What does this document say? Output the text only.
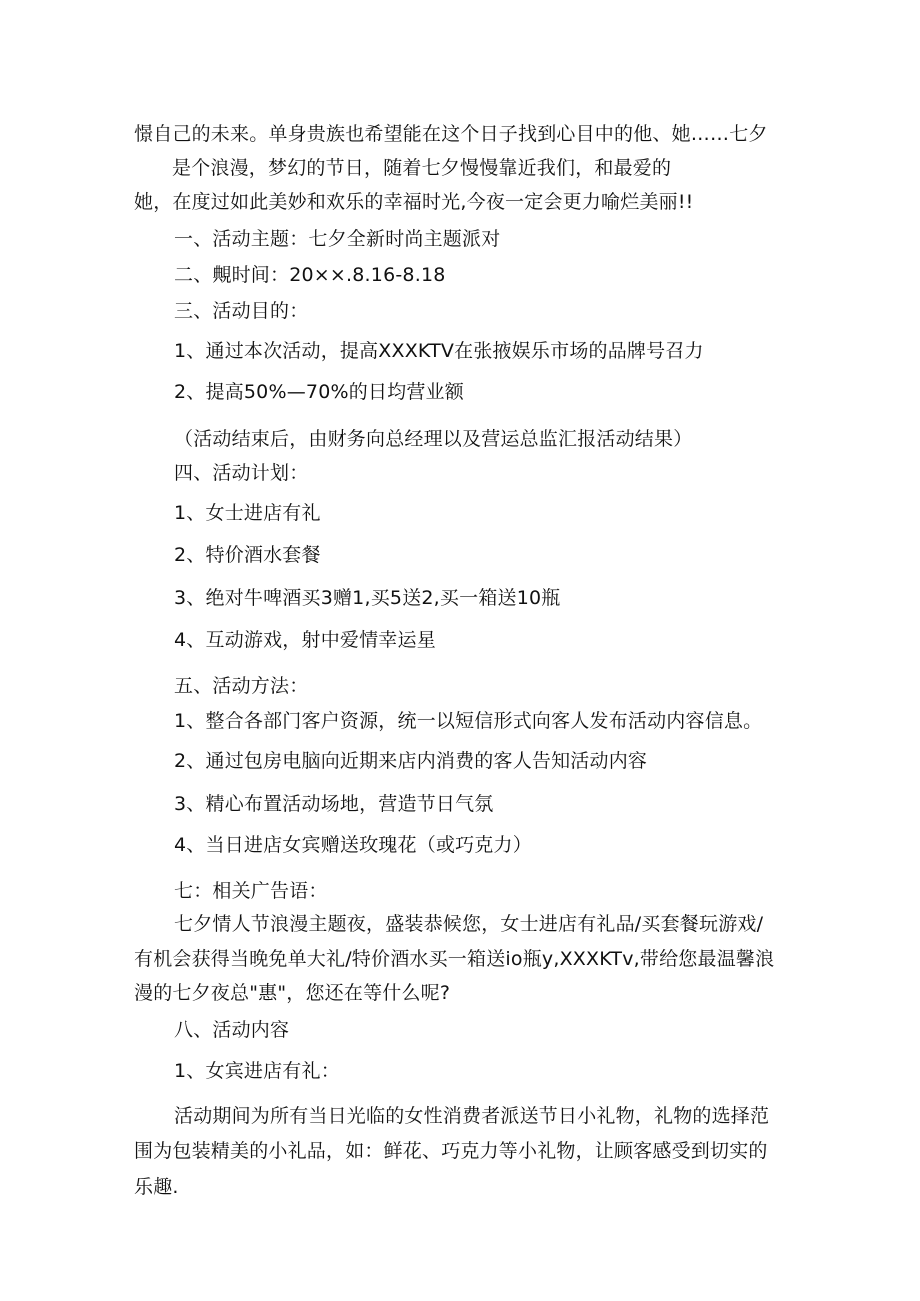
憬自己的未来。单身贵族也希望能在这个日子找到心目中的他、她……七夕

是个浪漫，梦幻的节日，随着七夕慢慢靠近我们，和最爱的

她，在度过如此美妙和欢乐的幸福时光,今夜一定会更力喻烂美丽!!

一、活动主题：七夕全新时尚主题派对

二、覥时间：20××.8.16-8.18

三、活动目的：

1、通过本次活动，提高XXXKTV在张掖娱乐市场的品牌号召力

2、提高50%—70%的日均营业额

（活动结束后，由财务向总经理以及营运总监汇报活动结果）

四、活动计划：

1、女士进店有礼

2、特价酒水套餐

3、绝对牛啤酒买3赠1,买5送2,买一箱送10瓶

4、互动游戏，射中爱情幸运星

五、活动方法：

1、整合各部门客户资源，统一以短信形式向客人发布活动内容信息。

2、通过包房电脑向近期来店内消费的客人告知活动内容

3、精心布置活动场地，营造节日气氛

4、当日进店女宾赠送玫瑰花（或巧克力）

七：相关广告语：

七夕情人节浪漫主题夜，盛装恭候您，女士进店有礼品/买套餐玩游戏/

有机会获得当晚免单大礼/特价酒水买一箱送io瓶y,XXXKTv,带给您最温馨浪

漫的七夕夜总"惠"，您还在等什么呢?

八、活动内容

1、女宾进店有礼：

活动期间为所有当日光临的女性消费者派送节日小礼物，礼物的选择范

围为包装精美的小礼品，如：鲜花、巧克力等小礼物，让顾客感受到切实的

乐趣.
